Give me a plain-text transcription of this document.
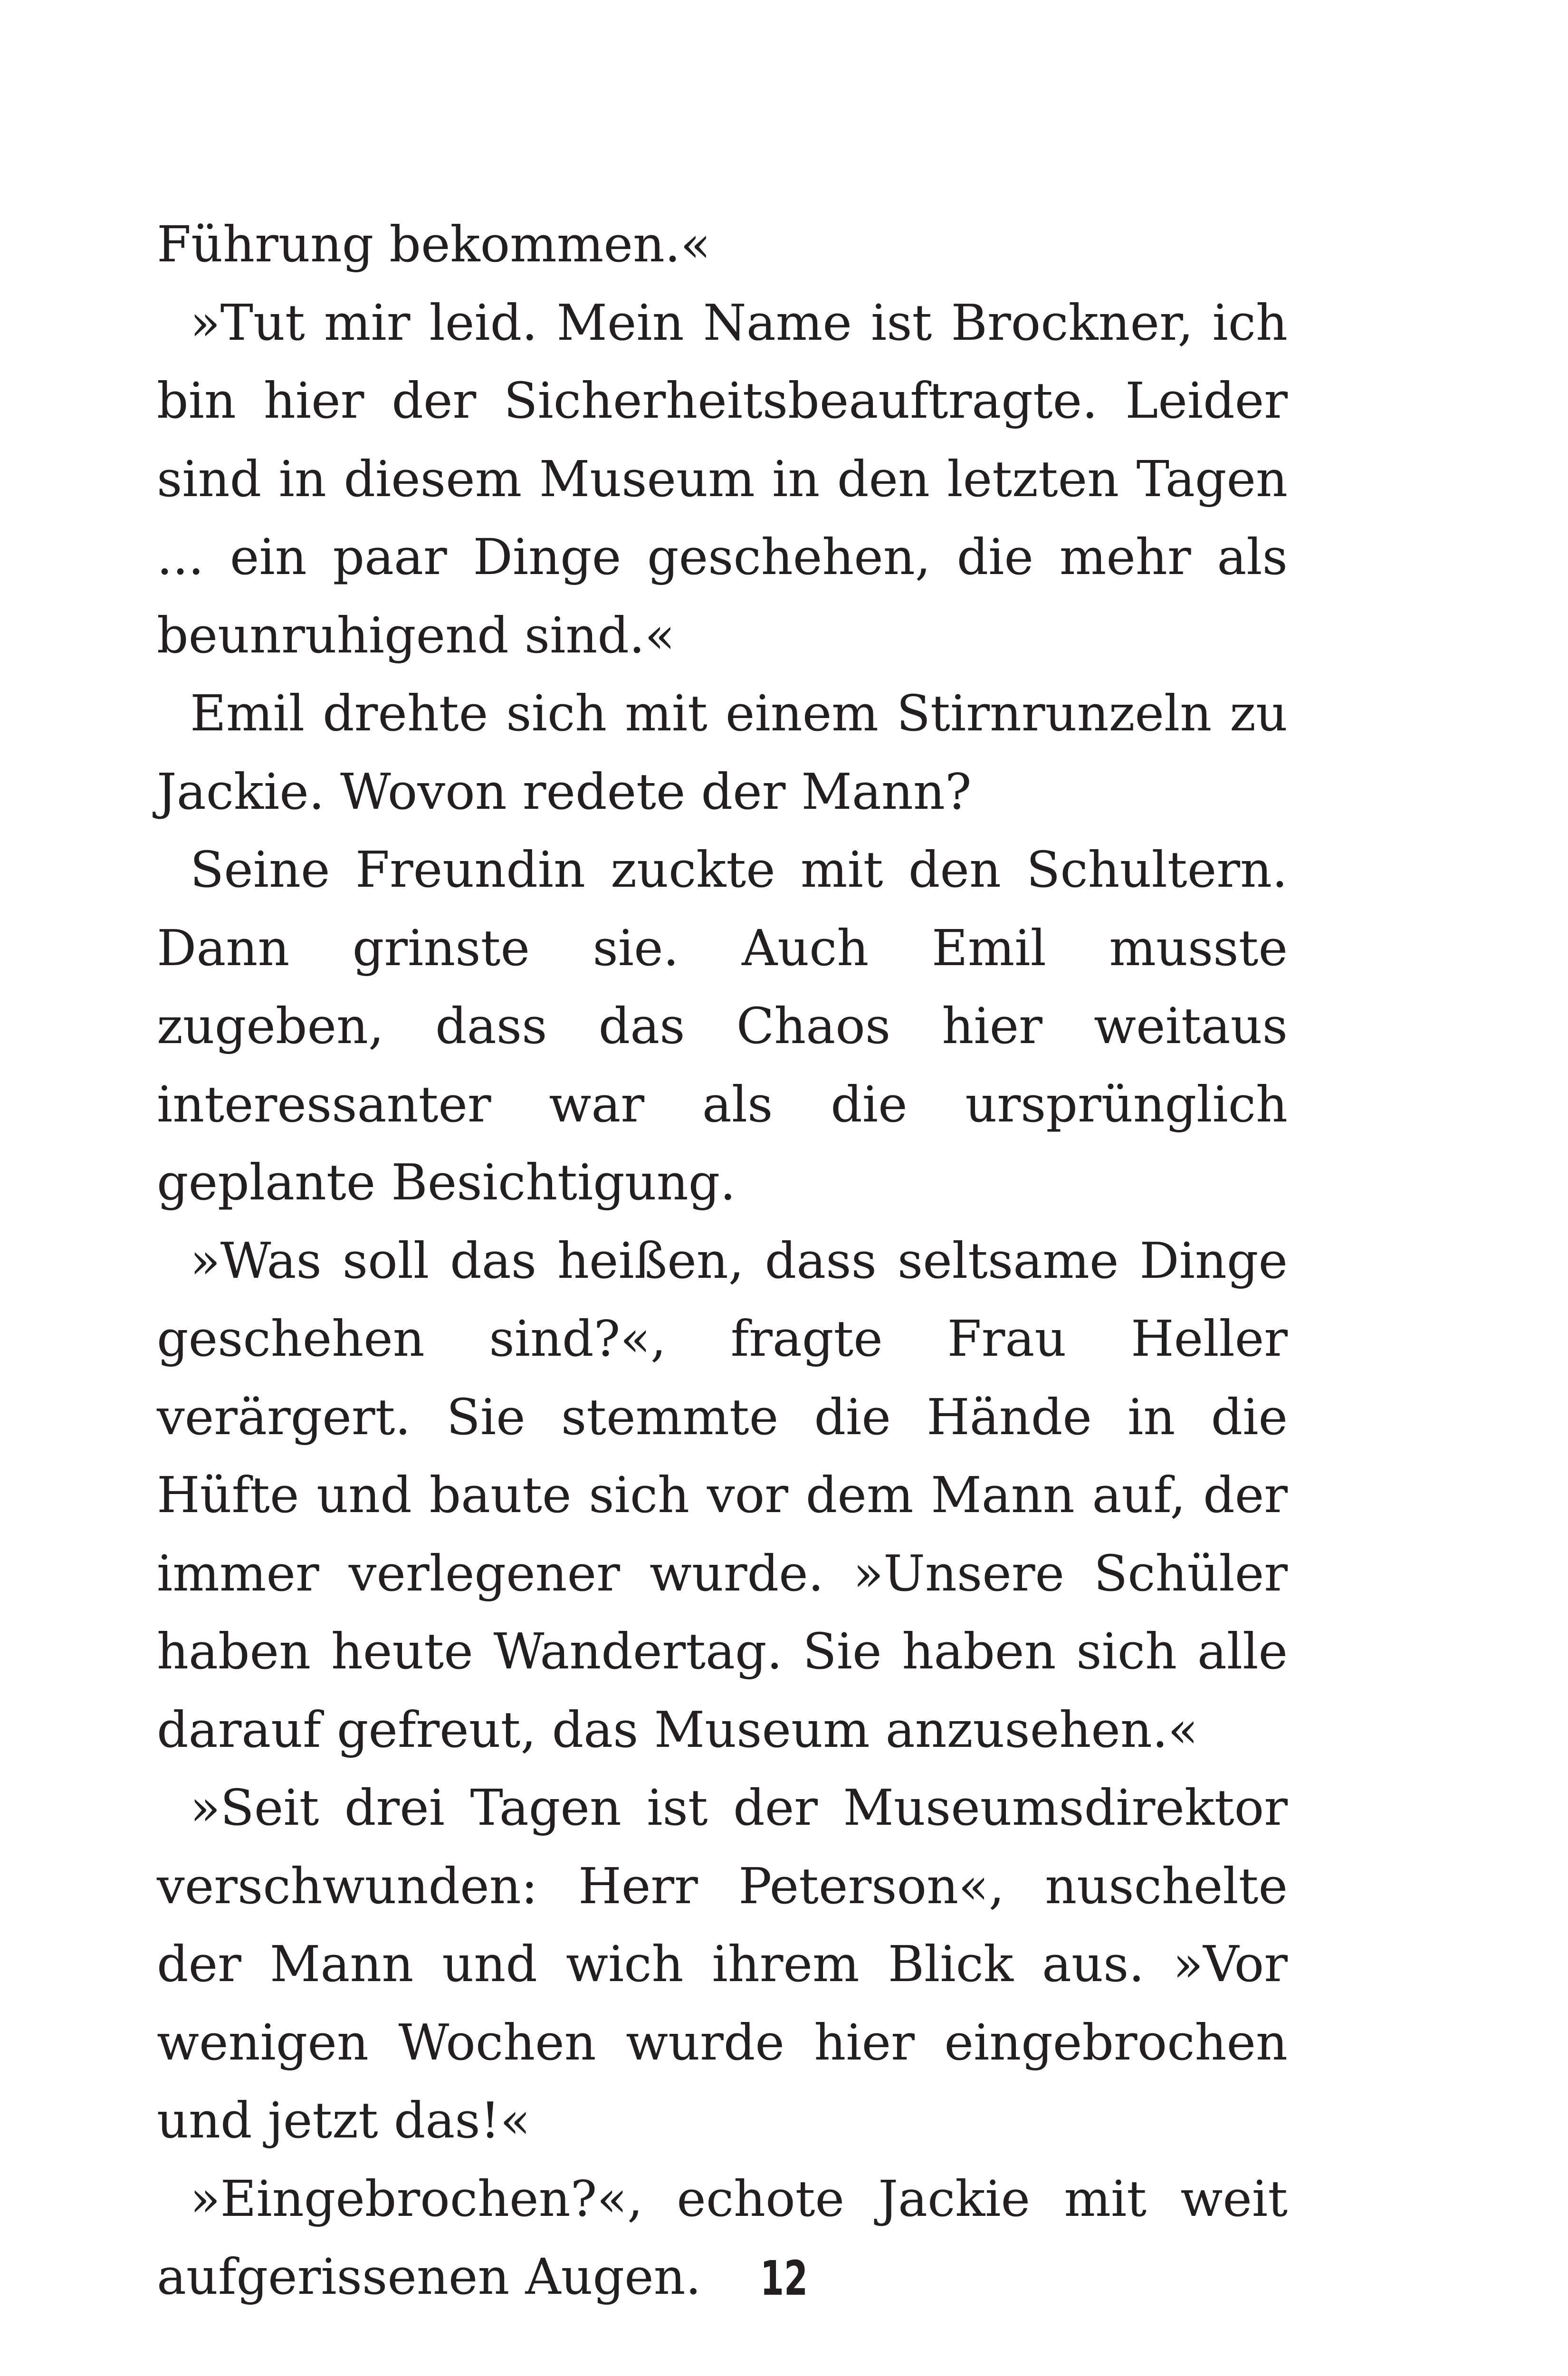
Führung bekommen.«

»Tut mir leid. Mein Name ist Brockner, ich bin hier der Sicherheitsbeauftragte. Leider sind in diesem Museum in den letzten Tagen ... ein paar Dinge geschehen, die mehr als beunruhigend sind.«

Emil drehte sich mit einem Stirnrunzeln zu Jackie. Wovon redete der Mann?

Seine Freundin zuckte mit den Schultern. Dann grinste sie. Auch Emil musste zugeben, dass das Chaos hier weitaus interessanter war als die ursprünglich geplante Besichtigung.

»Was soll das heißen, dass seltsame Dinge geschehen sind?«, fragte Frau Heller verärgert. Sie stemmte die Hände in die Hüfte und baute sich vor dem Mann auf, der immer verlegener wurde. »Unsere Schüler haben heute Wandertag. Sie haben sich alle darauf gefreut, das Museum anzusehen.«

»Seit drei Tagen ist der Museumsdirektor verschwunden: Herr Peterson«, nuschelte der Mann und wich ihrem Blick aus. »Vor wenigen Wochen wurde hier eingebrochen und jetzt das!«

»Eingebrochen?«, echote Jackie mit weit aufgerissenen Augen.	12
